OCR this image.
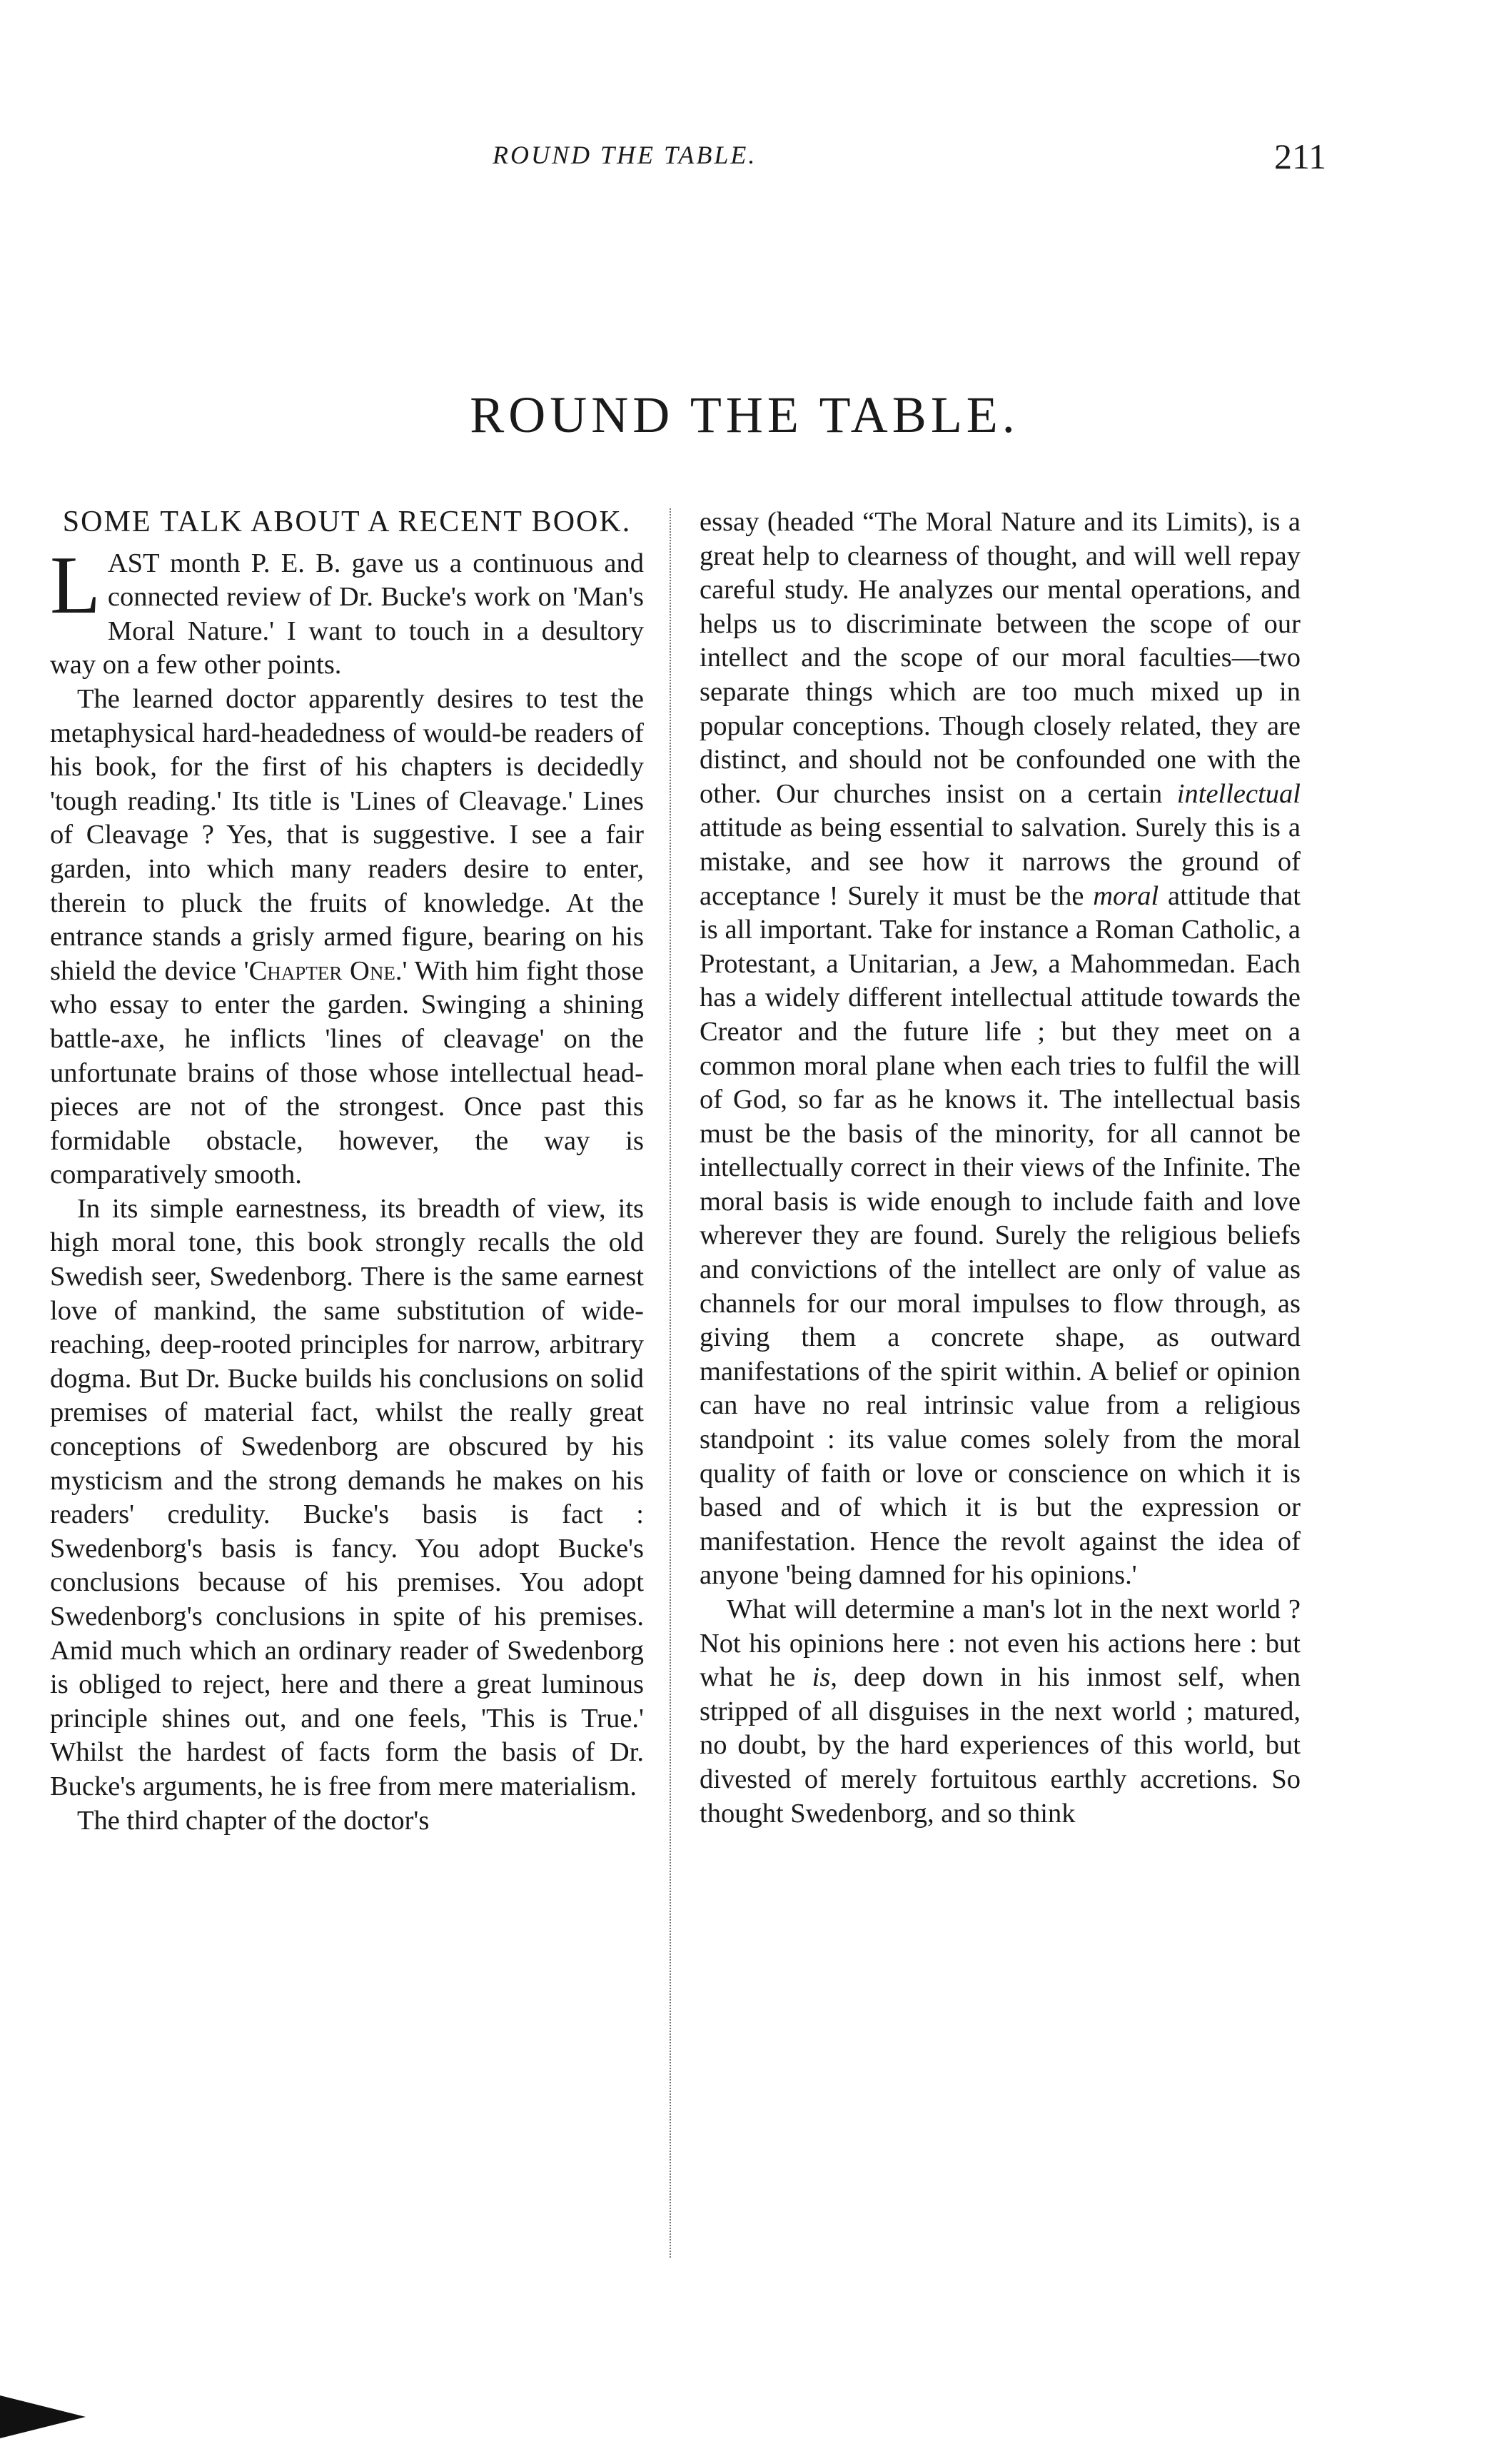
ROUND THE TABLE.	211
ROUND THE TABLE.
SOME TALK ABOUT A RECENT BOOK.

LAST month P. E. B. gave us a continuous and connected review of Dr. Bucke's work on 'Man's Moral Nature.' I want to touch in a desultory way on a few other points.

The learned doctor apparently desires to test the metaphysical hard-headedness of would-be readers of his book, for the first of his chapters is decidedly 'tough reading.' Its title is 'Lines of Cleavage.' Lines of Cleavage ? Yes, that is suggestive. I see a fair garden, into which many readers desire to enter, therein to pluck the fruits of knowledge. At the entrance stands a grisly armed figure, bearing on his shield the device 'Chapter One.' With him fight those who essay to enter the garden. Swinging a shining battle-axe, he inflicts 'lines of cleavage' on the unfortunate brains of those whose intellectual head-pieces are not of the strongest. Once past this formidable obstacle, however, the way is comparatively smooth.

In its simple earnestness, its breadth of view, its high moral tone, this book strongly recalls the old Swedish seer, Swedenborg. There is the same earnest love of mankind, the same substitution of wide-reaching, deep-rooted principles for narrow, arbitrary dogma. But Dr. Bucke builds his conclusions on solid premises of material fact, whilst the really great conceptions of Swedenborg are obscured by his mysticism and the strong demands he makes on his readers' credulity. Bucke's basis is fact : Swedenborg's basis is fancy. You adopt Bucke's conclusions because of his premises. You adopt Swedenborg's conclusions in spite of his premises. Amid much which an ordinary reader of Swedenborg is obliged to reject, here and there a great luminous principle shines out, and one feels, 'This is True.' Whilst the hardest of facts form the basis of Dr. Bucke's arguments, he is free from mere materialism.

The third chapter of the doctor's

essay (headed “The Moral Nature and its Limits), is a great help to clearness of thought, and will well repay careful study. He analyzes our mental operations, and helps us to discriminate between the scope of our intellect and the scope of our moral faculties—two separate things which are too much mixed up in popular conceptions. Though closely related, they are distinct, and should not be confounded one with the other. Our churches insist on a certain intellectual attitude as being essential to salvation. Surely this is a mistake, and see how it narrows the ground of acceptance ! Surely it must be the moral attitude that is all important. Take for instance a Roman Catholic, a Protestant, a Unitarian, a Jew, a Mahommedan. Each has a widely different intellectual attitude towards the Creator and the future life ; but they meet on a common moral plane when each tries to fulfil the will of God, so far as he knows it. The intellectual basis must be the basis of the minority, for all cannot be intellectually correct in their views of the Infinite. The moral basis is wide enough to include faith and love wherever they are found. Surely the religious beliefs and convictions of the intellect are only of value as channels for our moral impulses to flow through, as giving them a concrete shape, as outward manifestations of the spirit within. A belief or opinion can have no real intrinsic value from a religious standpoint : its value comes solely from the moral quality of faith or love or conscience on which it is based and of which it is but the expression or manifestation. Hence the revolt against the idea of anyone 'being damned for his opinions.'

What will determine a man's lot in the next world ? Not his opinions here : not even his actions here : but what he is, deep down in his inmost self, when stripped of all disguises in the next world ; matured, no doubt, by the hard experiences of this world, but divested of merely fortuitous earthly accretions. So thought Swedenborg, and so think
